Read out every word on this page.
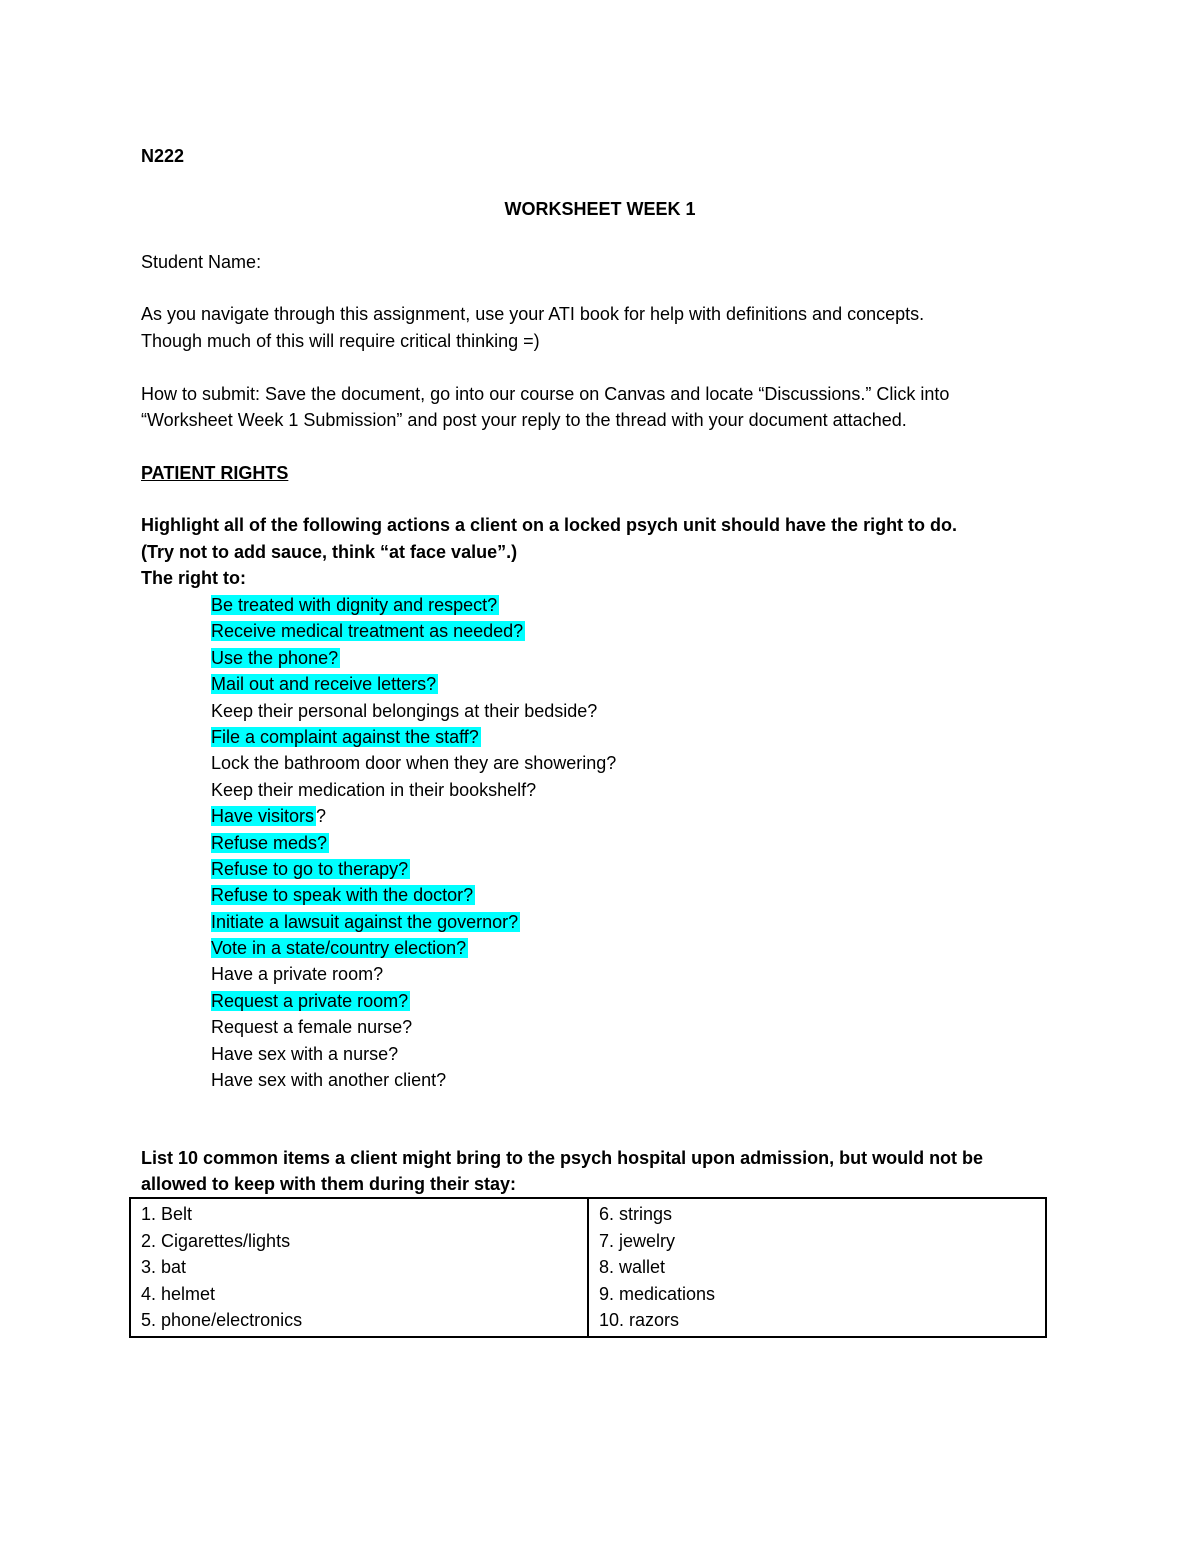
N222
WORKSHEET WEEK 1
Student Name:
As you navigate through this assignment, use your ATI book for help with definitions and concepts.
Though much of this will require critical thinking =)
How to submit: Save the document, go into our course on Canvas and locate “Discussions.” Click into
“Worksheet Week 1 Submission” and post your reply to the thread with your document attached.
PATIENT RIGHTS
Highlight all of the following actions a client on a locked psych unit should have the right to do.
(Try not to add sauce, think “at face value”.)
The right to:
Be treated with dignity and respect?
Receive medical treatment as needed?
Use the phone?
Mail out and receive letters?
Keep their personal belongings at their bedside?
File a complaint against the staff?
Lock the bathroom door when they are showering?
Keep their medication in their bookshelf?
Have visitors ?
Refuse meds?
Refuse to go to therapy?
Refuse to speak with the doctor?
Initiate a lawsuit against the governor?
Vote in a state/country election?
Have a private room?
Request a private room?
Request a female nurse?
Have sex with a nurse?
Have sex with another client?
List 10 common items a client might bring to the psych hospital upon admission, but would not be
allowed to keep with them during their stay:
1. Belt
2. Cigarettes/lights
3. bat
4. helmet
5. phone/electronics

6. strings
7. jewelry
8. wallet
9. medications
10. razors
